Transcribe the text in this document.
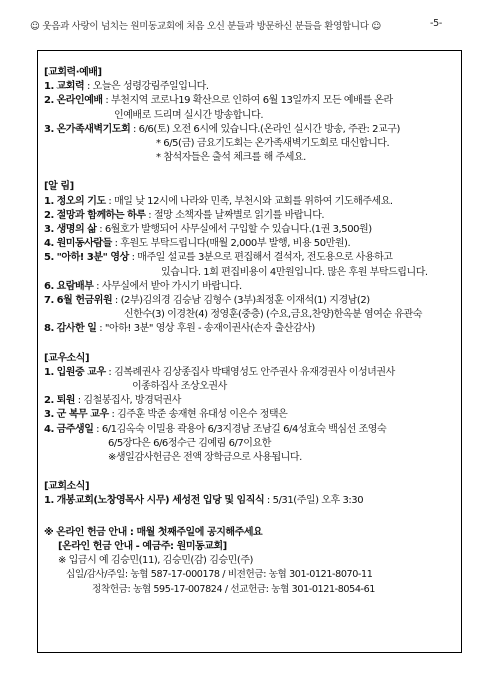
☺ 웃음과 사랑이 넘치는 원미동교회에 처음 오신 분들과 방문하신 분들을 환영합니다 ☺	-5-
[교회력·예배]
1. 교회력 : 오늘은 성령강림주일입니다.
2. 온라인예배 : 부천지역 코로나19 확산으로 인하여 6월 13일까지 모든 예배를 온라
인예배로 드리며 실시간 방송합니다.
3. 온가족새벽기도회 : 6/6(토) 오전 6시에 있습니다.(온라인 실시간 방송, 주관: 2교구)
* 6/5(금) 금요기도회는 온가족새벽기도회로 대신합니다.
* 참석자들은 출석 체크를 해 주세요.
[알 림]
1. 정오의 기도 : 매일 낮 12시에 나라와 민족, 부천시와 교회를 위하여 기도해주세요.
2. 절망과 함께하는 하루 : 절망 소책자를 날짜별로 읽기를 바랍니다.
3. 생명의 삶 : 6월호가 발행되어 사무실에서 구입할 수 있습니다.(1권 3,500원)
4. 원미동사람들 : 후원도 부탁드립니다(매월 2,000부 발행, 비용 50만원).
5. "아하! 3분" 영상 : 매주일 설교를 3분으로 편집해서 결석자, 전도용으로 사용하고
있습니다. 1회 편집비용이 4만원입니다. 많은 후원 부탁드립니다.
6. 요람배부 : 사무실에서 받아 가시기 바랍니다.
7. 6월 헌금위원 : (2부)김의경 김승남 김형수 (3부)최정훈 이재석(1) 지경남(2)
신한수(3) 이경찬(4) 정영훈(중층) (수요,금요,찬양)한옥분 염여순 유관숙
8. 감사한 일 : "아하! 3분" 영상 후원 - 송재이권사(손자 출산감사)
[교우소식]
1. 입원중 교우 : 김복례권사 김상종집사 박태영성도 안주권사 유재경권사 이성녀권사
이종하집사 조상오권사
2. 퇴원 : 김철봉집사, 방경덕권사
3. 군 복무 교우 : 김주훈 박준 송재현 유대성 이은수 정택은
4. 금주생일 : 6/1김옥숙 이밀용 곽용아 6/3지경남 조남길 6/4성효숙 백심선 조영숙
6/5장다은 6/6정수근 김예림 6/7이요한
※생일감사헌금은 전액 장학금으로 사용됩니다.
[교회소식]
1. 개봉교회(노창영목사 시무) 세성전 입당 및 임직식 : 5/31(주일) 오후 3:30
※ 온라인 헌금 안내 : 매월 첫째주일에 공지해주세요
[온라인 헌금 안내 - 예금주: 원미동교회]
※ 입금시 예 김승민(11), 김승민(감) 김승민(주)
십일/감사/주일: 농협 587-17-000178 / 비전헌금: 농협 301-0121-8070-11
정착헌금: 농협 595-17-007824 / 선교헌금: 농협 301-0121-8054-61
